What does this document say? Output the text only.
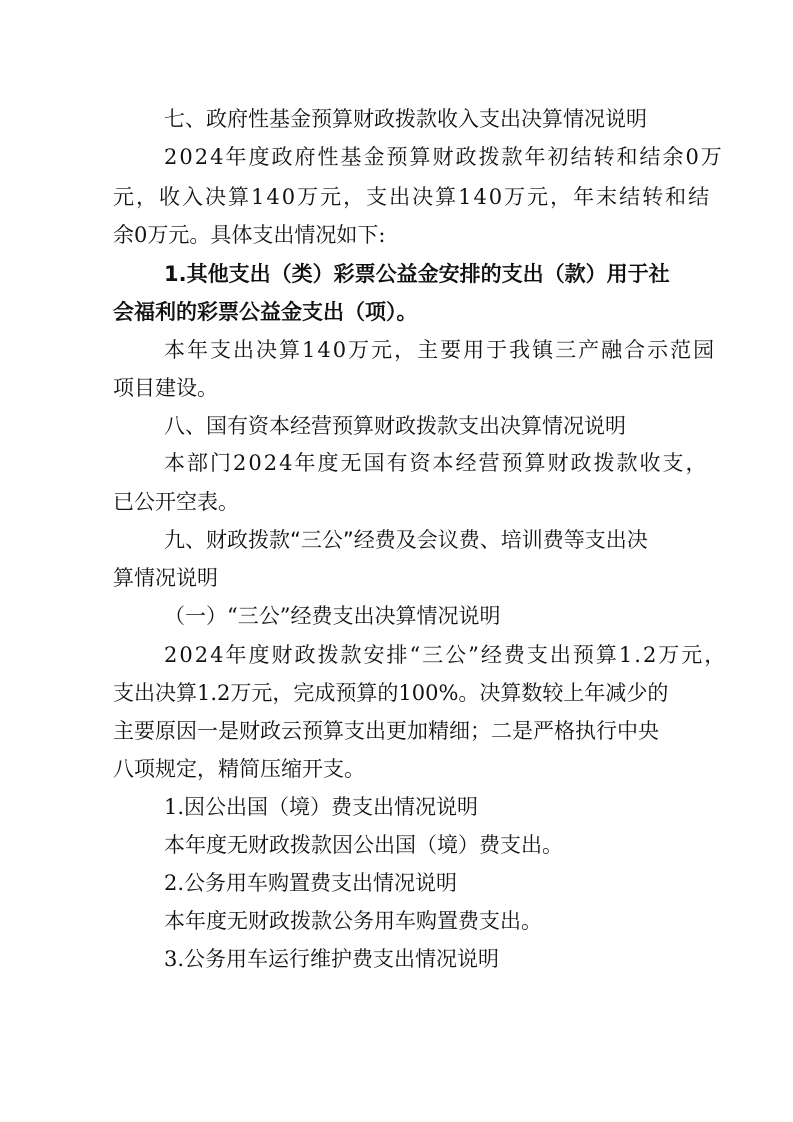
七、政府性基金预算财政拨款收入支出决算情况说明
2024年度政府性基金预算财政拨款年初结转和结余0万
元，收入决算140万元，支出决算140万元，年末结转和结
余0万元。具体支出情况如下:
1.其他支出（类）彩票公益金安排的支出（款）用于社
会福利的彩票公益金支出（项）。
本年支出决算140万元，主要用于我镇三产融合示范园
项目建设。
八、国有资本经营预算财政拨款支出决算情况说明
本部门2024年度无国有资本经营预算财政拨款收支，
已公开空表。
九、财政拨款“三公”经费及会议费、培训费等支出决
算情况说明
（一）“三公”经费支出决算情况说明
2024年度财政拨款安排“三公”经费支出预算1.2万元，
支出决算1.2万元，完成预算的100%。决算数较上年减少的
主要原因一是财政云预算支出更加精细；二是严格执行中央
八项规定，精简压缩开支。
1.因公出国（境）费支出情况说明
本年度无财政拨款因公出国（境）费支出。
2.公务用车购置费支出情况说明
本年度无财政拨款公务用车购置费支出。
3.公务用车运行维护费支出情况说明
